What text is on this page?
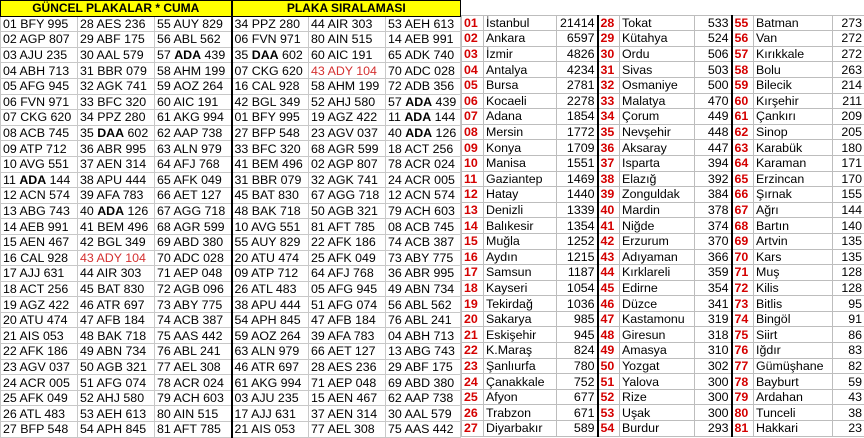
GÜNCEL PLAKALAR * CUMA			PLAKA SIRALAMASI		
01 BFY 995	28 AES 236	55 AUY 829	34 PPZ 280	44 AIR 303	53 AEH 613
02 AGP 807	29 ABF 175	56 ABL 562	06 FVN 971	80 AIN 515	14 AEB 991
03 AJU 235	30 AAL 579	57 ADA 439	35 DAA 602	60 AIC 191	65 ADK 740
04 ABH 713	31 BBR 079	58 AHM 199	07 CKG 620	43 ADY 104	70 ADC 028
05 AFG 945	32 AGK 741	59 AOZ 264	16 CAL 928	58 AHM 199	72 ADB 356
06 FVN 971	33 BFC 320	60 AIC 191	42 BGL 349	52 AHJ 580	57 ADA 439
07 CKG 620	34 PPZ 280	61 AKG 994	01 BFY 995	19 AGZ 422	11 ADA 144
08 ACB 745	35 DAA 602	62 AAP 738	27 BFP 548	23 AGV 037	40 ADA 126
09 ATP 712	36 ABR 995	63 ALN 979	33 BFC 320	68 AGR 599	18 ACT 256
10 AVG 551	37 AEN 314	64 AFJ 768	41 BEM 496	02 AGP 807	78 ACR 024
11 ADA 144	38 APU 444	65 AFK 049	31 BBR 079	32 AGK 741	24 ACR 005
12 ACN 574	39 AFA 783	66 AET 127	45 BAT 830	67 AGG 718	12 ACN 574
13 ABG 743	40 ADA 126	67 AGG 718	48 BAK 718	50 AGB 321	79 ACH 603
14 AEB 991	41 BEM 496	68 AGR 599	10 AVG 551	81 AFT 785	08 ACB 745
15 AEN 467	42 BGL 349	69 ABD 380	55 AUY 829	22 AFK 186	74 ACB 387
16 CAL 928	43 ADY 104	70 ADC 028	20 ATU 474	25 AFK 049	73 ABY 775
17 AJJ 631	44 AIR 303	71 AEP 048	09 ATP 712	64 AFJ 768	36 ABR 995
18 ACT 256	45 BAT 830	72 AGB 096	26 ATL 483	05 AFG 945	49 ABN 734
19 AGZ 422	46 ATR 697	73 ABY 775	38 APU 444	51 AFG 074	56 ABL 562
20 ATU 474	47 AFB 184	74 ACB 387	54 APH 845	47 AFB 184	76 ABL 241
21 AIS 053	48 BAK 718	75 AAS 442	59 AOZ 264	39 AFA 783	04 ABH 713
22 AFK 186	49 ABN 734	76 ABL 241	63 ALN 979	66 AET 127	13 ABG 743
23 AGV 037	50 AGB 321	77 AEL 308	46 ATR 697	28 AES 236	29 ABF 175
24 ACR 005	51 AFG 074	78 ACR 024	61 AKG 994	71 AEP 048	69 ABD 380
25 AFK 049	52 AHJ 580	79 ACH 603	03 AJU 235	15 AEN 467	62 AAP 738
26 ATL 483	53 AEH 613	80 AIN 515	17 AJJ 631	37 AEN 314	30 AAL 579
27 BFP 548	54 APH 845	81 AFT 785	21 AIS 053	77 AEL 308	75 AAS 442

01	İstanbul	21414	28	Tokat	533	55	Batman	273
02	Ankara	6597	29	Kütahya	524	56	Van	272
03	İzmir	4826	30	Ordu	506	57	Kırıkkale	272
04	Antalya	4234	31	Sivas	503	58	Bolu	263
05	Bursa	2781	32	Osmaniye	500	59	Bilecik	214
06	Kocaeli	2278	33	Malatya	470	60	Kırşehir	211
07	Adana	1854	34	Çorum	449	61	Çankırı	209
08	Mersin	1772	35	Nevşehir	448	62	Sinop	205
09	Konya	1709	36	Aksaray	447	63	Karabük	180
10	Manisa	1551	37	Isparta	394	64	Karaman	171
11	Gaziantep	1469	38	Elazığ	392	65	Erzincan	170
12	Hatay	1440	39	Zonguldak	384	66	Şırnak	155
13	Denizli	1339	40	Mardin	378	67	Ağrı	144
14	Balıkesir	1354	41	Niğde	374	68	Bartın	140
15	Muğla	1252	42	Erzurum	370	69	Artvin	135
16	Aydın	1215	43	Adıyaman	366	70	Kars	135
17	Samsun	1187	44	Kırklareli	359	71	Muş	128
18	Kayseri	1054	45	Edirne	354	72	Kilis	128
19	Tekirdağ	1036	46	Düzce	341	73	Bitlis	95
20	Sakarya	985	47	Kastamonu	319	74	Bingöl	91
21	Eskişehir	945	48	Giresun	318	75	Siirt	86
22	K.Maraş	824	49	Amasya	310	76	Iğdır	83
23	Şanlıurfa	780	50	Yozgat	302	77	Gümüşhane	82
24	Çanakkale	752	51	Yalova	300	78	Bayburt	59
25	Afyon	677	52	Rize	300	79	Ardahan	43
26	Trabzon	671	53	Uşak	300	80	Tunceli	38
27	Diyarbakır	589	54	Burdur	293	81	Hakkari	23
